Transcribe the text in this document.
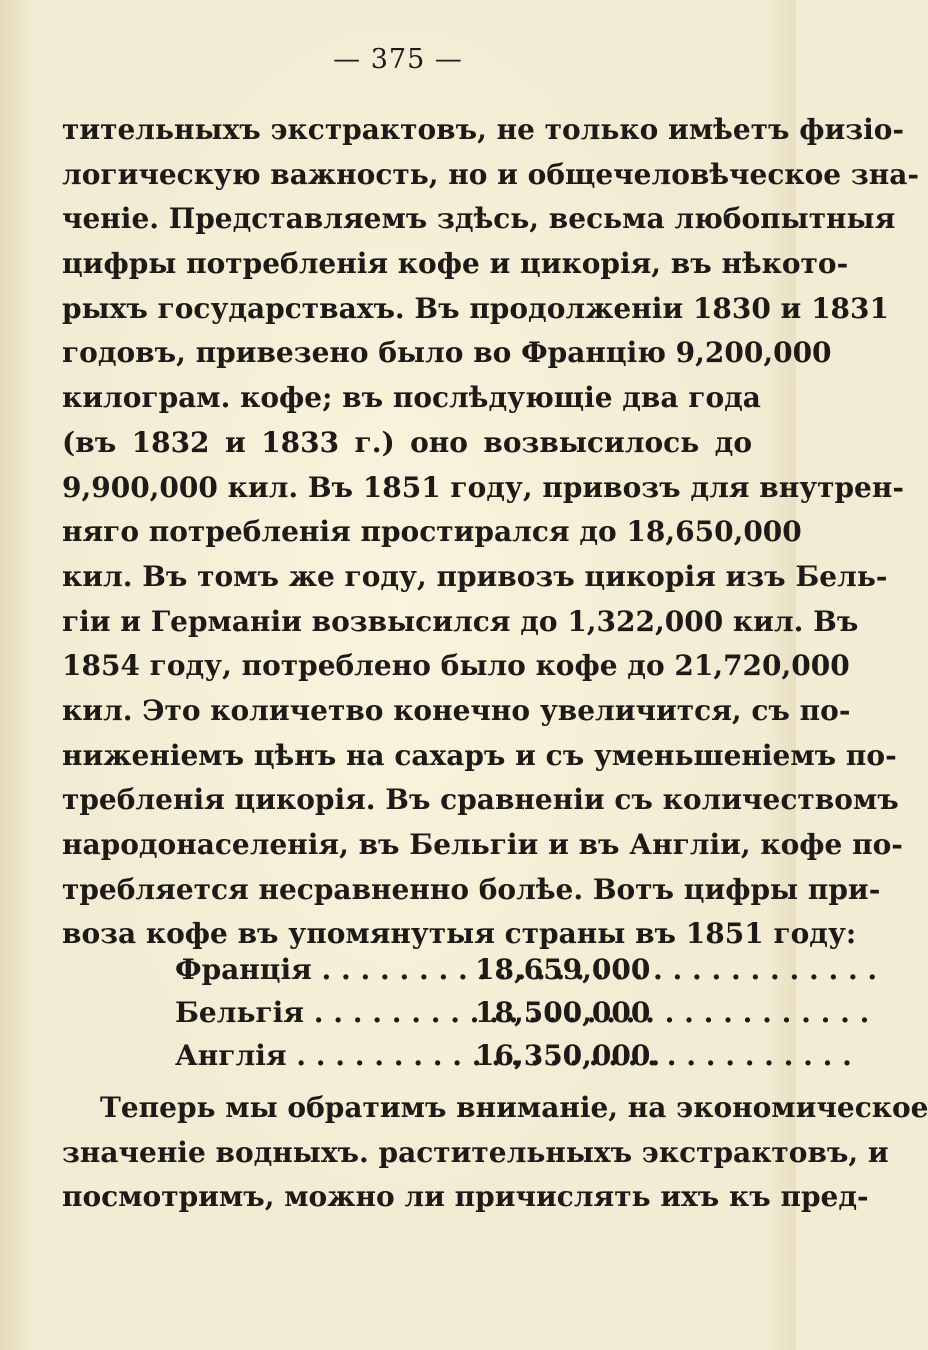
— 375 —
тительныхъ экстрактовъ, не только имѣетъ физіо-
логическую важность, но и общечеловѣческое зна-
ченіе. Представляемъ здѣсь, весьма любопытныя
цифры потребленія кофе и цикорія, въ нѣкото-
рыхъ государствахъ. Въ продолженіи 1830 и 1831
годовъ, привезено было во Францію 9,200,000
килограм. кофе; въ послѣдующіе два года
(въ 1832 и 1833 г.) оно возвысилось до
9,900,000 кил. Въ 1851 году, привозъ для внутрен-
няго потребленія простирался до 18,650,000
кил. Въ томъ же году, привозъ цикорія изъ Бель-
гіи и Германіи возвысился до 1,322,000 кил. Въ
1854 году, потреблено было кофе до 21,720,000
кил. Это количетво конечно увеличится, съ по-
ниженіемъ цѣнъ на сахаръ и съ уменьшеніемъ по-
требленія цикорія. Въ сравненіи съ количествомъ
народонаселенія, въ Бельгіи и въ Англіи, кофе по-
требляется несравненно болѣе. Вотъ цифры при-
воза кофе въ упомянутыя страны въ 1851 году:
Франція . . .	18,659,000
Бельгія . . .	18,500,000
Англія . . .	16,350,000.
Теперь мы обратимъ вниманіе, на экономическое
значеніе водныхъ. растительныхъ экстрактовъ, и
посмотримъ, можно ли причислять ихъ къ пред-
